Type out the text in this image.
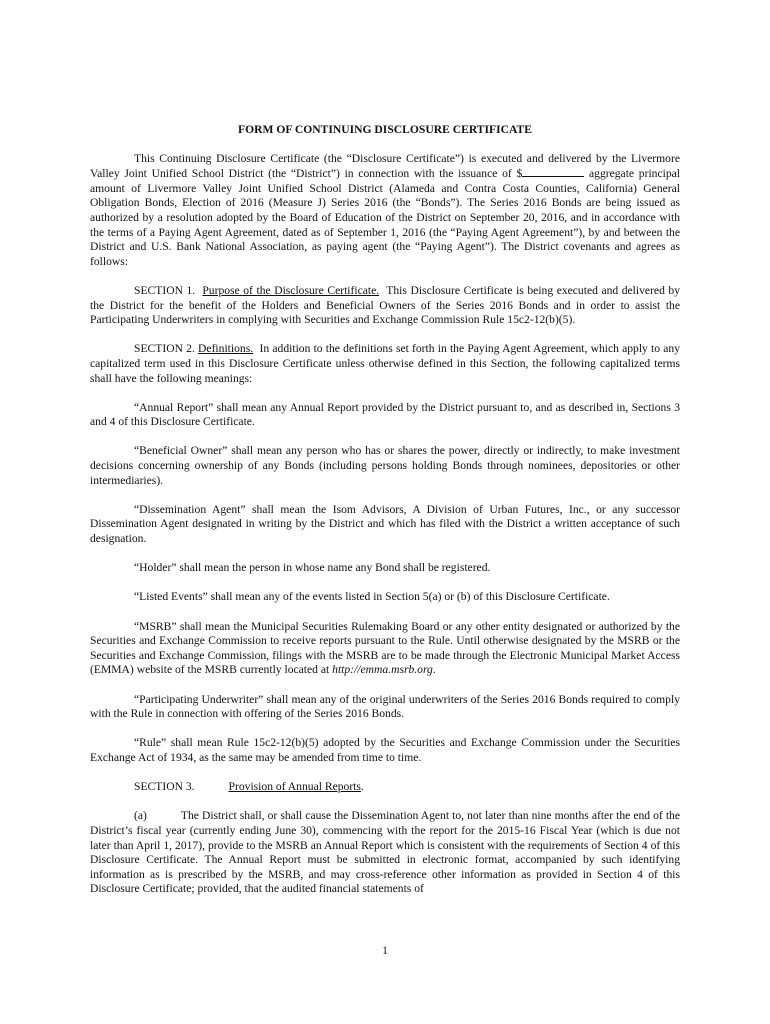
FORM OF CONTINUING DISCLOSURE CERTIFICATE

This Continuing Disclosure Certificate (the “Disclosure Certificate”) is executed and delivered by the Livermore Valley Joint Unified School District (the “District”) in connection with the issuance of $	aggregate principal amount of Livermore Valley Joint Unified School District (Alameda and Contra Costa Counties, California) General Obligation Bonds, Election of 2016 (Measure J) Series 2016 (the “Bonds”). The Series 2016 Bonds are being issued as authorized by a resolution adopted by the Board of Education of the District on September 20, 2016, and in accordance with the terms of a Paying Agent Agreement, dated as of September 1, 2016 (the “Paying Agent Agreement”), by and between the District and U.S. Bank National Association, as paying agent (the “Paying Agent”). The District covenants and agrees as follows:

SECTION 1. Purpose of the Disclosure Certificate. This Disclosure Certificate is being executed and delivered by the District for the benefit of the Holders and Beneficial Owners of the Series 2016 Bonds and in order to assist the Participating Underwriters in complying with Securities and Exchange Commission Rule 15c2-12(b)(5).

SECTION 2. Definitions. In addition to the definitions set forth in the Paying Agent Agreement, which apply to any capitalized term used in this Disclosure Certificate unless otherwise defined in this Section, the following capitalized terms shall have the following meanings:

“Annual Report” shall mean any Annual Report provided by the District pursuant to, and as described in, Sections 3 and 4 of this Disclosure Certificate.

“Beneficial Owner” shall mean any person who has or shares the power, directly or indirectly, to make investment decisions concerning ownership of any Bonds (including persons holding Bonds through nominees, depositories or other intermediaries).

“Dissemination Agent” shall mean the Isom Advisors, A Division of Urban Futures, Inc., or any successor Dissemination Agent designated in writing by the District and which has filed with the District a written acceptance of such designation.

“Holder” shall mean the person in whose name any Bond shall be registered.

“Listed Events” shall mean any of the events listed in Section 5(a) or (b) of this Disclosure Certificate.

“MSRB” shall mean the Municipal Securities Rulemaking Board or any other entity designated or authorized by the Securities and Exchange Commission to receive reports pursuant to the Rule. Until otherwise designated by the MSRB or the Securities and Exchange Commission, filings with the MSRB are to be made through the Electronic Municipal Market Access (EMMA) website of the MSRB currently located at http://emma.msrb.org.

“Participating Underwriter” shall mean any of the original underwriters of the Series 2016 Bonds required to comply with the Rule in connection with offering of the Series 2016 Bonds.

“Rule” shall mean Rule 15c2-12(b)(5) adopted by the Securities and Exchange Commission under the Securities Exchange Act of 1934, as the same may be amended from time to time.

SECTION 3.	Provision of Annual Reports.

(a)	The District shall, or shall cause the Dissemination Agent to, not later than nine months after the end of the District’s fiscal year (currently ending June 30), commencing with the report for the 2015-16 Fiscal Year (which is due not later than April 1, 2017), provide to the MSRB an Annual Report which is consistent with the requirements of Section 4 of this Disclosure Certificate. The Annual Report must be submitted in electronic format, accompanied by such identifying information as is prescribed by the MSRB, and may cross-reference other information as provided in Section 4 of this Disclosure Certificate; provided, that the audited financial statements of

1
